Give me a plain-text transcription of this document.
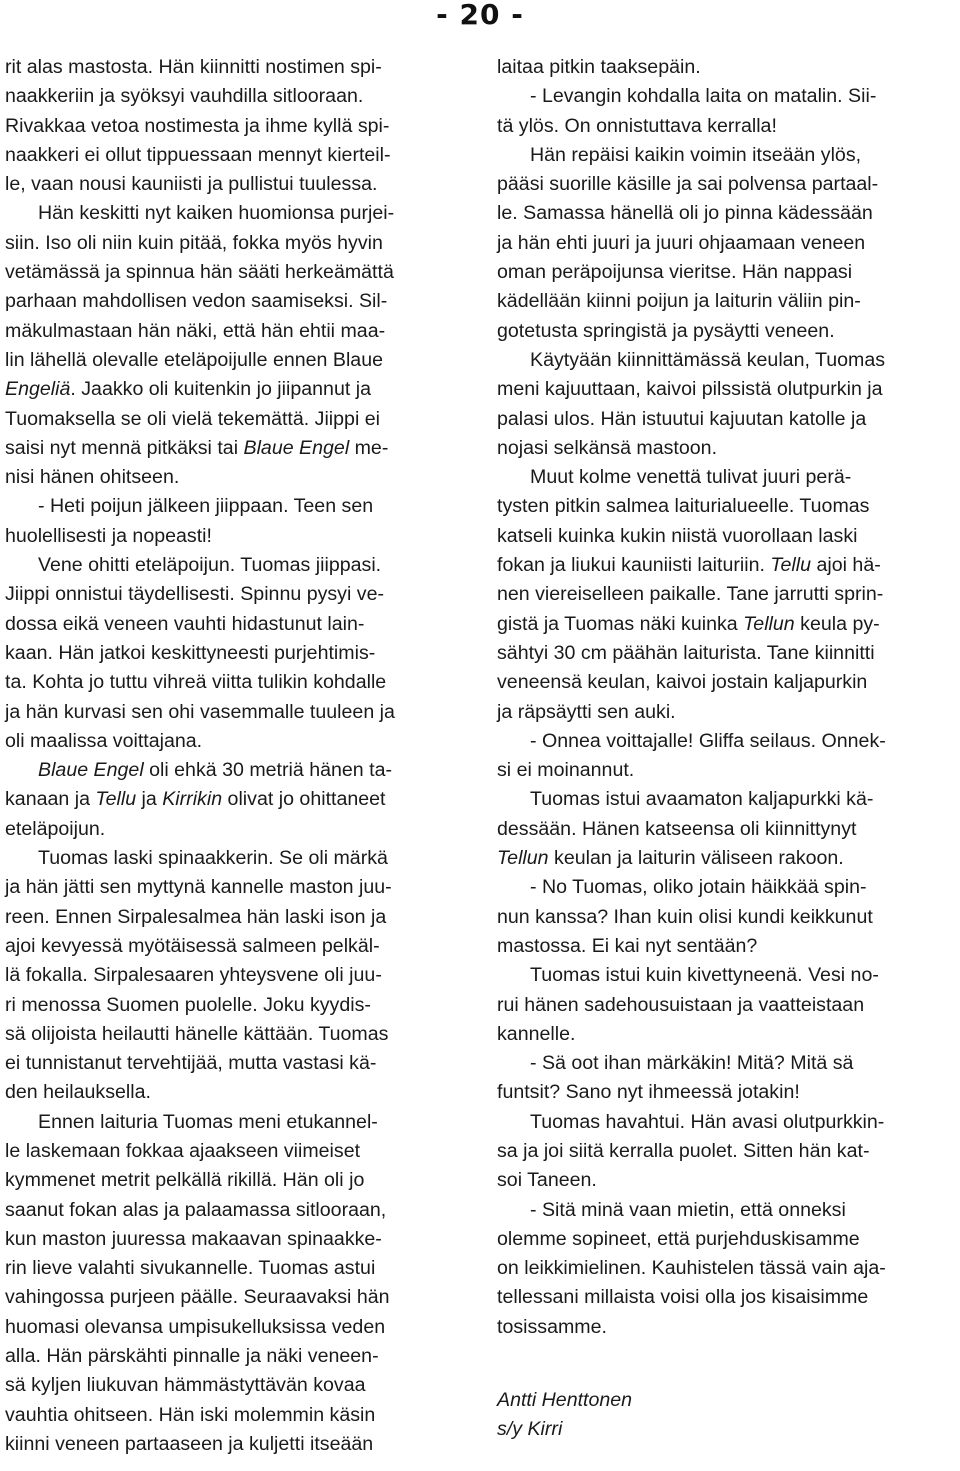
- 20 -
rit alas mastosta. Hän kiinnitti nostimen spi-
naakkeriin ja syöksyi vauhdilla sitlooraan.
Rivakkaa vetoa nostimesta ja ihme kyllä spi-
naakkeri ei ollut tippuessaan mennyt kierteil-
le, vaan nousi kauniisti ja pullistui tuulessa.
Hän keskitti nyt kaiken huomionsa purjei-
siin. Iso oli niin kuin pitää, fokka myös hyvin
vetämässä ja spinnua hän sääti herkeämättä
parhaan mahdollisen vedon saamiseksi. Sil-
mäkulmastaan hän näki, että hän ehtii maa-
lin lähellä olevalle eteläpoijulle ennen Blaue
Engeliä. Jaakko oli kuitenkin jo jiipannut ja
Tuomaksella se oli vielä tekemättä. Jiippi ei
saisi nyt mennä pitkäksi tai Blaue Engel me-
nisi hänen ohitseen.
- Heti poijun jälkeen jiippaan. Teen sen
huolellisesti ja nopeasti!
Vene ohitti eteläpoijun. Tuomas jiippasi.
Jiippi onnistui täydellisesti. Spinnu pysyi ve-
dossa eikä veneen vauhti hidastunut lain-
kaan. Hän jatkoi keskittyneesti purjehtimis-
ta. Kohta jo tuttu vihreä viitta tulikin kohdalle
ja hän kurvasi sen ohi vasemmalle tuuleen ja
oli maalissa voittajana.
Blaue Engel oli ehkä 30 metriä hänen ta-
kanaan ja Tellu ja Kirrikin olivat jo ohittaneet
eteläpoijun.
Tuomas laski spinaakkerin. Se oli märkä
ja hän jätti sen myttynä kannelle maston juu-
reen. Ennen Sirpalesalmea hän laski ison ja
ajoi kevyessä myötäisessä salmeen pelkäl-
lä fokalla. Sirpalesaaren yhteysvene oli juu-
ri menossa Suomen puolelle. Joku kyydis-
sä olijoista heilautti hänelle kättään. Tuomas
ei tunnistanut tervehtijää, mutta vastasi kä-
den heilauksella.
Ennen laituria Tuomas meni etukannel-
le laskemaan fokkaa ajaakseen viimeiset
kymmenet metrit pelkällä rikillä. Hän oli jo
saanut fokan alas ja palaamassa sitlooraan,
kun maston juuressa makaavan spinaakke-
rin lieve valahti sivukannelle. Tuomas astui
vahingossa purjeen päälle. Seuraavaksi hän
huomasi olevansa umpisukelluksissa veden
alla. Hän pärskähti pinnalle ja näki veneen-
sä kyljen liukuvan hämmästyttävän kovaa
vauhtia ohitseen. Hän iski molemmin käsin
kiinni veneen partaaseen ja kuljetti itseään
laitaa pitkin taaksepäin.
- Levangin kohdalla laita on matalin. Sii-
tä ylös. On onnistuttava kerralla!
Hän repäisi kaikin voimin itseään ylös,
pääsi suorille käsille ja sai polvensa partaal-
le. Samassa hänellä oli jo pinna kädessään
ja hän ehti juuri ja juuri ohjaamaan veneen
oman peräpoijunsa vieritse. Hän nappasi
kädellään kiinni poijun ja laiturin väliin pin-
gotetusta springistä ja pysäytti veneen.
Käytyään kiinnittämässä keulan, Tuomas
meni kajuuttaan, kaivoi pilssistä olutpurkin ja
palasi ulos. Hän istuutui kajuutan katolle ja
nojasi selkänsä mastoon.
Muut kolme venettä tulivat juuri perä-
tysten pitkin salmea laiturialueelle. Tuomas
katseli kuinka kukin niistä vuorollaan laski
fokan ja liukui kauniisti laituriin. Tellu ajoi hä-
nen viereiselleen paikalle. Tane jarrutti sprin-
gistä ja Tuomas näki kuinka Tellun keula py-
sähtyi 30 cm päähän laiturista. Tane kiinnitti
veneensä keulan, kaivoi jostain kaljapurkin
ja räpsäytti sen auki.
- Onnea voittajalle! Gliffa seilaus. Onnek-
si ei moinannut.
Tuomas istui avaamaton kaljapurkki kä-
dessään. Hänen katseensa oli kiinnittynyt
Tellun keulan ja laiturin väliseen rakoon.
- No Tuomas, oliko jotain häikkää spin-
nun kanssa? Ihan kuin olisi kundi keikkunut
mastossa. Ei kai nyt sentään?
Tuomas istui kuin kivettyneenä. Vesi no-
rui hänen sadehousuistaan ja vaatteistaan
kannelle.
- Sä oot ihan märkäkin! Mitä? Mitä sä
funtsit? Sano nyt ihmeessä jotakin!
Tuomas havahtui. Hän avasi olutpurkkin-
sa ja joi siitä kerralla puolet. Sitten hän kat-
soi Taneen.
- Sitä minä vaan mietin, että onneksi
olemme sopineet, että purjehduskisamme
on leikkimielinen. Kauhistelen tässä vain aja-
tellessani millaista voisi olla jos kisaisimme
tosissamme.
Antti Henttonen
s/y Kirri
